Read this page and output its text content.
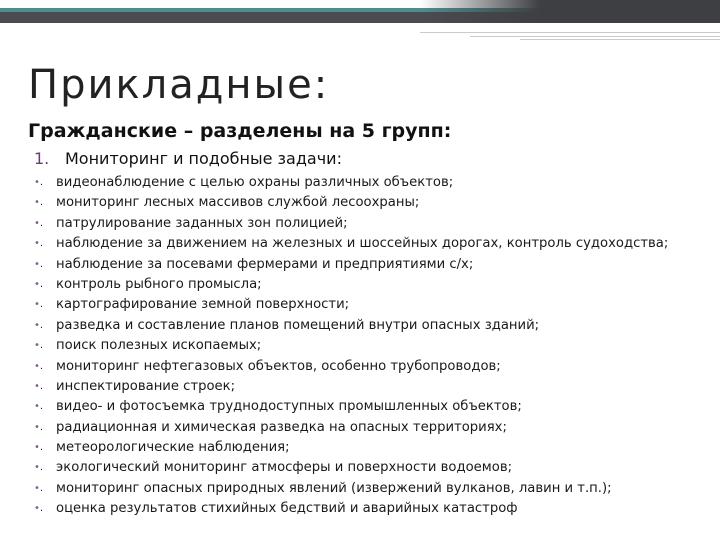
Прикладные:
Гражданские – разделены на 5 групп:
1. Мониторинг и подобные задачи:
•. видеонаблюдение с целью охраны различных объектов;
•. мониторинг лесных массивов службой лесоохраны;
•. патрулирование заданных зон полицией;
•. наблюдение за движением на железных и шоссейных дорогах, контроль судоходства;
•. наблюдение за посевами фермерами и предприятиями с/х;
•. контроль рыбного промысла;
•. картографирование земной поверхности;
•. разведка и составление планов помещений внутри опасных зданий;
•. поиск полезных ископаемых;
•. мониторинг нефтегазовых объектов, особенно трубопроводов;
•. инспектирование строек;
•. видео- и фотосъемка труднодоступных промышленных объектов;
•. радиационная и химическая разведка на опасных территориях;
•. метеорологические наблюдения;
•. экологический мониторинг атмосферы и поверхности водоемов;
•. мониторинг опасных природных явлений (извержений вулканов, лавин и т.п.);
•. оценка результатов стихийных бедствий и аварийных катастроф
